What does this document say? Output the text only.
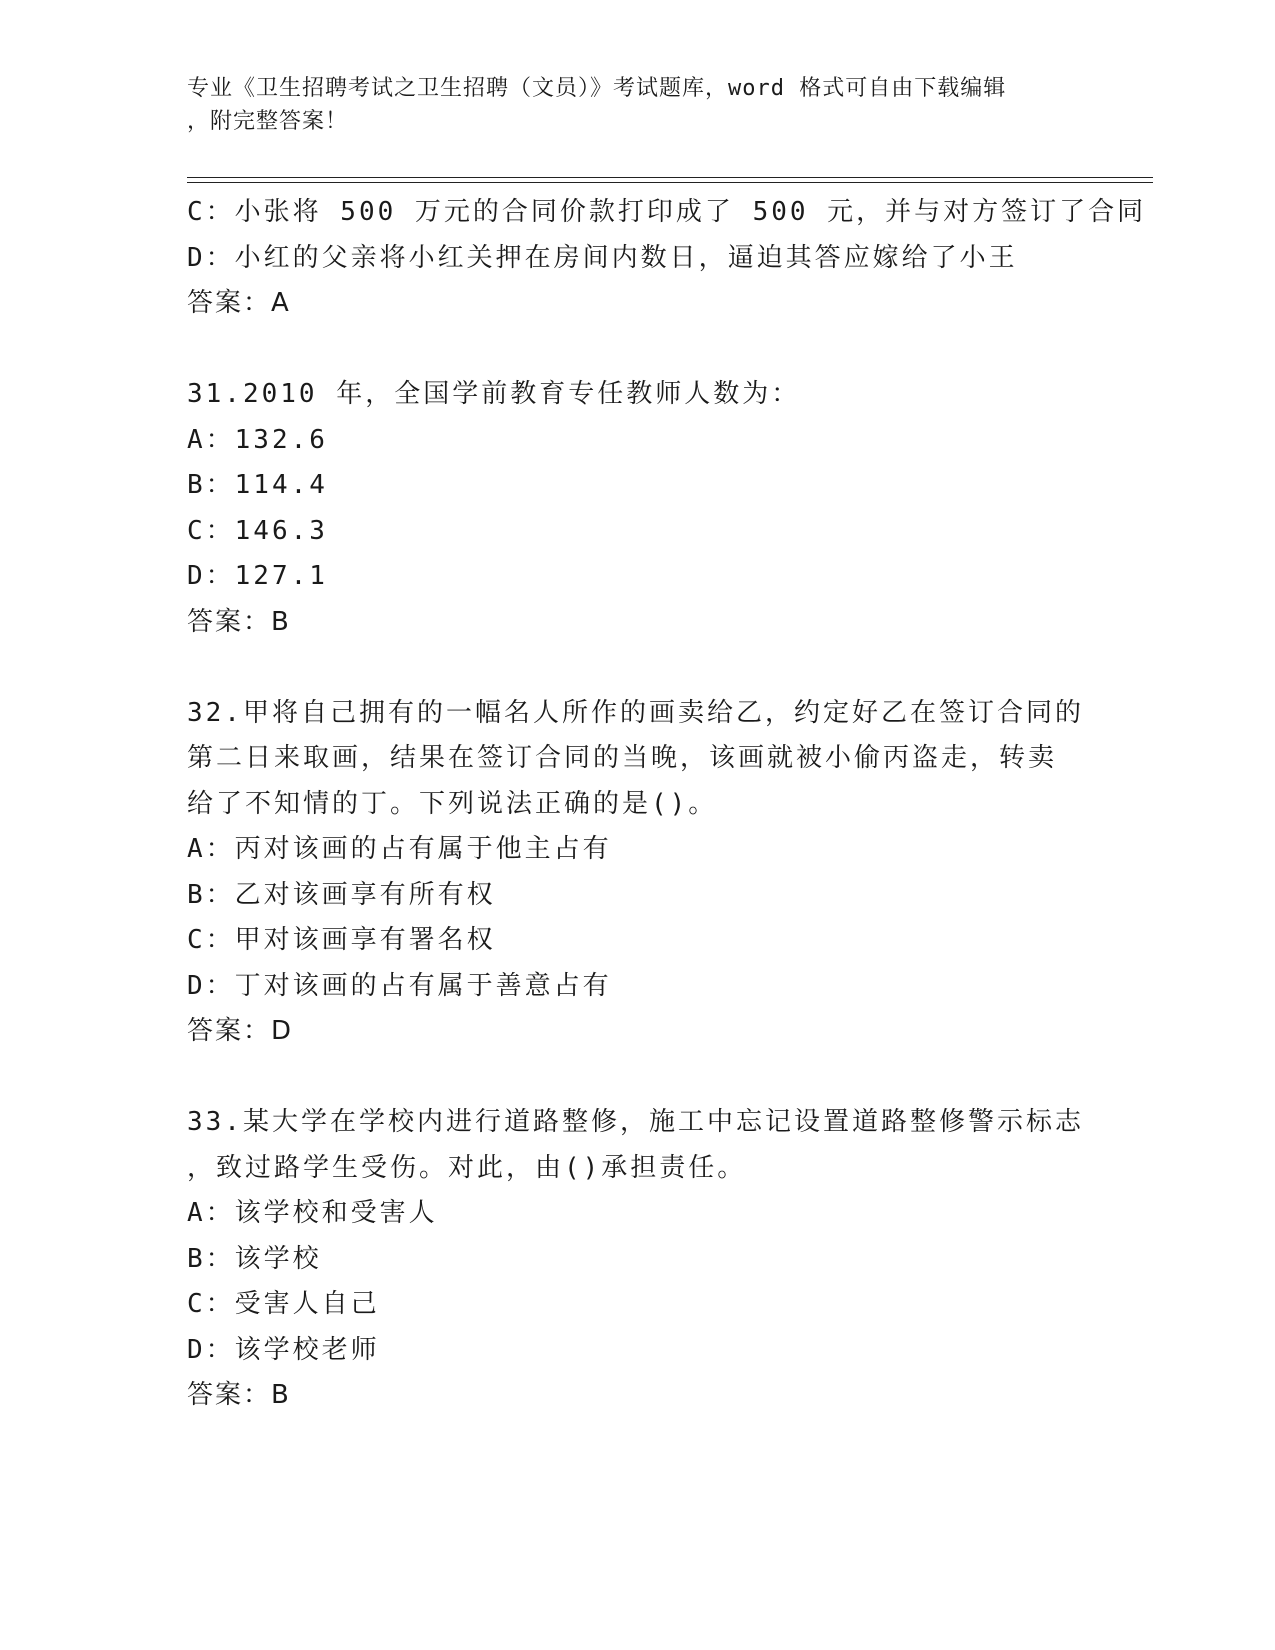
专业《卫生招聘考试之卫生招聘（文员）》考试题库，word 格式可自由下载编辑
，附完整答案！
C：小张将 500 万元的合同价款打印成了 500 元，并与对方签订了合同
D：小红的父亲将小红关押在房间内数日，逼迫其答应嫁给了小王
答案：A
31.2010 年，全国学前教育专任教师人数为：
A：132.6
B：114.4
C：146.3
D：127.1
答案：B
32.甲将自己拥有的一幅名人所作的画卖给乙，约定好乙在签订合同的
第二日来取画，结果在签订合同的当晚，该画就被小偷丙盗走，转卖
给了不知情的丁。下列说法正确的是()。
A：丙对该画的占有属于他主占有
B：乙对该画享有所有权
C：甲对该画享有署名权
D：丁对该画的占有属于善意占有
答案：D
33.某大学在学校内进行道路整修，施工中忘记设置道路整修警示标志
，致过路学生受伤。对此，由()承担责任。
A：该学校和受害人
B：该学校
C：受害人自己
D：该学校老师
答案：B
